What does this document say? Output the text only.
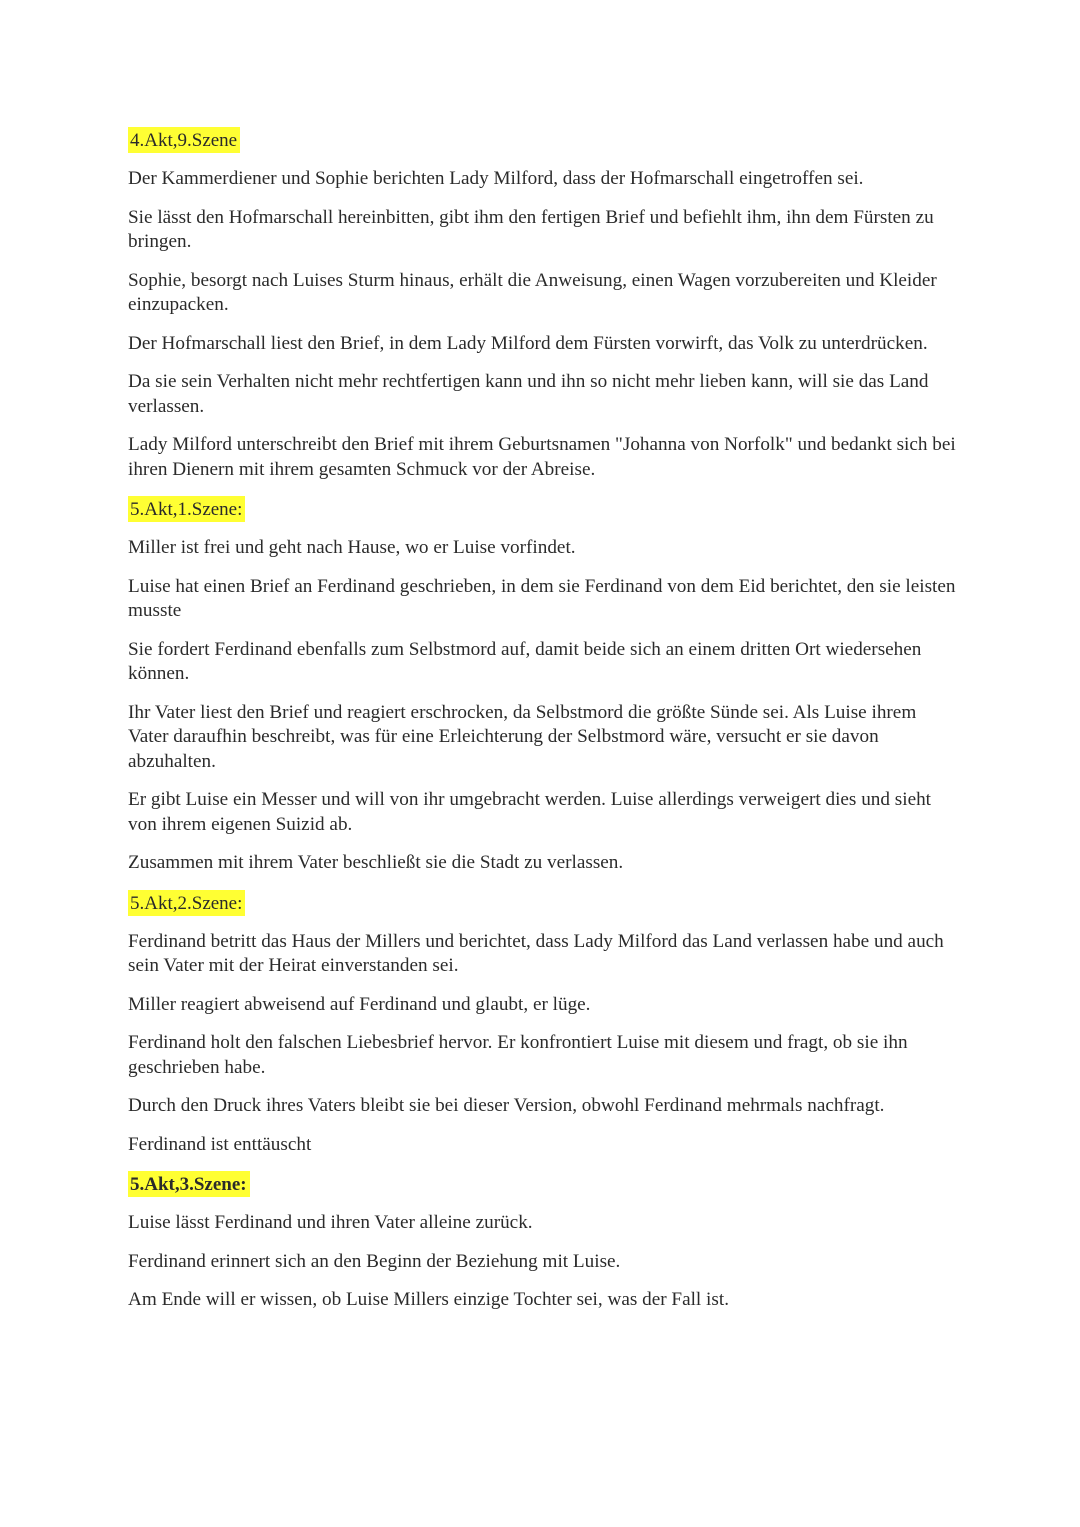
4.Akt,9.Szene

Der Kammerdiener und Sophie berichten Lady Milford, dass der Hofmarschall eingetroffen sei.

Sie lässt den Hofmarschall hereinbitten, gibt ihm den fertigen Brief und befiehlt ihm, ihn dem Fürsten zu bringen.

Sophie, besorgt nach Luises Sturm hinaus, erhält die Anweisung, einen Wagen vorzubereiten und Kleider einzupacken.

Der Hofmarschall liest den Brief, in dem Lady Milford dem Fürsten vorwirft, das Volk zu unterdrücken.

Da sie sein Verhalten nicht mehr rechtfertigen kann und ihn so nicht mehr lieben kann, will sie das Land verlassen.

Lady Milford unterschreibt den Brief mit ihrem Geburtsnamen "Johanna von Norfolk" und bedankt sich bei ihren Dienern mit ihrem gesamten Schmuck vor der Abreise.

5.Akt,1.Szene:

Miller ist frei und geht nach Hause, wo er Luise vorfindet.

Luise hat einen Brief an Ferdinand geschrieben, in dem sie Ferdinand von dem Eid berichtet, den sie leisten musste

Sie fordert Ferdinand ebenfalls zum Selbstmord auf, damit beide sich an einem dritten Ort wiedersehen können.

Ihr Vater liest den Brief und reagiert erschrocken, da Selbstmord die größte Sünde sei. Als Luise ihrem Vater daraufhin beschreibt, was für eine Erleichterung der Selbstmord wäre, versucht er sie davon abzuhalten.

Er gibt Luise ein Messer und will von ihr umgebracht werden. Luise allerdings verweigert dies und sieht von ihrem eigenen Suizid ab.

Zusammen mit ihrem Vater beschließt sie die Stadt zu verlassen.

5.Akt,2.Szene:

Ferdinand betritt das Haus der Millers und berichtet, dass Lady Milford das Land verlassen habe und auch sein Vater mit der Heirat einverstanden sei.

Miller reagiert abweisend auf Ferdinand und glaubt, er lüge.

Ferdinand holt den falschen Liebesbrief hervor. Er konfrontiert Luise mit diesem und fragt, ob sie ihn geschrieben habe.

Durch den Druck ihres Vaters bleibt sie bei dieser Version, obwohl Ferdinand mehrmals nachfragt.

Ferdinand ist enttäuscht

5.Akt,3.Szene:

Luise lässt Ferdinand und ihren Vater alleine zurück.

Ferdinand erinnert sich an den Beginn der Beziehung mit Luise.

Am Ende will er wissen, ob Luise Millers einzige Tochter sei, was der Fall ist.
